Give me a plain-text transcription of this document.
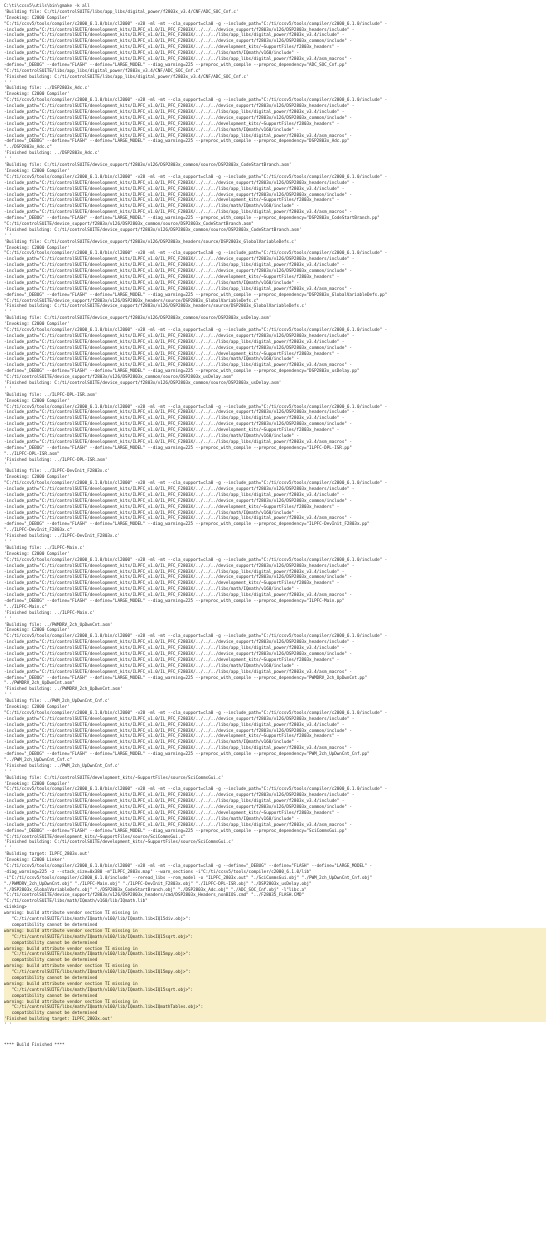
C:\ti\ccsv5\utils\bin\gmake -k all
'Building file: C:/ti/controlSUITE/libs/app_libs/digital_power/f2803x_v3.4/CNF/ADC_SOC_Cnf.c'
'Invoking: C2000 Compiler'
"C:/ti/ccsv5/tools/compiler/c2000_6.1.0/bin/cl2000" -v28 -ml -mt --cla_support=cla0 -g --include_path="C:/ti/ccsv5/tools/compiler/c2000_6.1.0/include" -
-include_path="C:/ti/controlSUITE/development_kits/ILPFC_v1.0/IL_PFC_F2803X/../../../device_support/f2803x/v126/DSP2803x_headers/include" -
-include_path="C:/ti/controlSUITE/development_kits/ILPFC_v1.0/IL_PFC_F2803X/../../../libs/app_libs/digital_power/f2803x_v3.4/include" -
-include_path="C:/ti/controlSUITE/development_kits/ILPFC_v1.0/IL_PFC_F2803X/../../../device_support/f2803x/v126/DSP2803x_common/include" -
-include_path="C:/ti/controlSUITE/development_kits/ILPFC_v1.0/IL_PFC_F2803X/../../../development_kits/~SupportFiles/f2803x_headers" -
-include_path="C:/ti/controlSUITE/development_kits/ILPFC_v1.0/IL_PFC_F2803X/../../../libs/math/IQmath/v160/include" -
-include_path="C:/ti/controlSUITE/development_kits/ILPFC_v1.0/IL_PFC_F2803X/../../../libs/app_libs/digital_power/f2803x_v3.4/asm_macros" -
-define="_DEBUG" --define="FLASH" --define="LARGE_MODEL" --diag_warning=225 --preproc_with_compile --preproc_dependency="ADC_SOC_Cnf.pp"
"C:/ti/controlSUITE/libs/app_libs/digital_power/f2803x_v3.4/CNF/ADC_SOC_Cnf.c"
'Finished building: C:/ti/controlSUITE/libs/app_libs/digital_power/f2803x_v3.4/CNF/ADC_SOC_Cnf.c'
' '
'Building file: ../DSP2803x_Adc.c'
'Invoking: C2000 Compiler'
"C:/ti/ccsv5/tools/compiler/c2000_6.1.0/bin/cl2000" -v28 -ml -mt --cla_support=cla0 -g --include_path="C:/ti/ccsv5/tools/compiler/c2000_6.1.0/include" -
-include_path="C:/ti/controlSUITE/development_kits/ILPFC_v1.0/IL_PFC_F2803X/../../../device_support/f2803x/v126/DSP2803x_headers/include" -
-include_path="C:/ti/controlSUITE/development_kits/ILPFC_v1.0/IL_PFC_F2803X/../../../libs/app_libs/digital_power/f2803x_v3.4/include" -
-include_path="C:/ti/controlSUITE/development_kits/ILPFC_v1.0/IL_PFC_F2803X/../../../device_support/f2803x/v126/DSP2803x_common/include" -
-include_path="C:/ti/controlSUITE/development_kits/ILPFC_v1.0/IL_PFC_F2803X/../../../development_kits/~SupportFiles/f2803x_headers" -
-include_path="C:/ti/controlSUITE/development_kits/ILPFC_v1.0/IL_PFC_F2803X/../../../libs/math/IQmath/v160/include" -
-include_path="C:/ti/controlSUITE/development_kits/ILPFC_v1.0/IL_PFC_F2803X/../../../libs/app_libs/digital_power/f2803x_v3.4/asm_macros" -
-define="_DEBUG" --define="FLASH" --define="LARGE_MODEL" --diag_warning=225 --preproc_with_compile --preproc_dependency="DSP2803x_Adc.pp"
"../DSP2803x_Adc.c"
'Finished building: ../DSP2803x_Adc.c'
' '
'Building file: C:/ti/controlSUITE/device_support/f2803x/v126/DSP2803x_common/source/DSP2803x_CodeStartBranch.asm'
'Invoking: C2000 Compiler'
"C:/ti/ccsv5/tools/compiler/c2000_6.1.0/bin/cl2000" -v28 -ml -mt --cla_support=cla0 -g --include_path="C:/ti/ccsv5/tools/compiler/c2000_6.1.0/include" -
-include_path="C:/ti/controlSUITE/development_kits/ILPFC_v1.0/IL_PFC_F2803X/../../../device_support/f2803x/v126/DSP2803x_headers/include" -
-include_path="C:/ti/controlSUITE/development_kits/ILPFC_v1.0/IL_PFC_F2803X/../../../libs/app_libs/digital_power/f2803x_v3.4/include" -
-include_path="C:/ti/controlSUITE/development_kits/ILPFC_v1.0/IL_PFC_F2803X/../../../device_support/f2803x/v126/DSP2803x_common/include" -
-include_path="C:/ti/controlSUITE/development_kits/ILPFC_v1.0/IL_PFC_F2803X/../../../development_kits/~SupportFiles/f2803x_headers" -
-include_path="C:/ti/controlSUITE/development_kits/ILPFC_v1.0/IL_PFC_F2803X/../../../libs/math/IQmath/v160/include" -
-include_path="C:/ti/controlSUITE/development_kits/ILPFC_v1.0/IL_PFC_F2803X/../../../libs/app_libs/digital_power/f2803x_v3.4/asm_macros" -
-define="_DEBUG" --define="FLASH" --define="LARGE_MODEL" --diag_warning=225 --preproc_with_compile --preproc_dependency="DSP2803x_CodeStartBranch.pp"
"C:/ti/controlSUITE/device_support/f2803x/v126/DSP2803x_common/source/DSP2803x_CodeStartBranch.asm"
'Finished building: C:/ti/controlSUITE/device_support/f2803x/v126/DSP2803x_common/source/DSP2803x_CodeStartBranch.asm'
' '
'Building file: C:/ti/controlSUITE/device_support/f2803x/v126/DSP2803x_headers/source/DSP2803x_GlobalVariableDefs.c'
'Invoking: C2000 Compiler'
"C:/ti/ccsv5/tools/compiler/c2000_6.1.0/bin/cl2000" -v28 -ml -mt --cla_support=cla0 -g --include_path="C:/ti/ccsv5/tools/compiler/c2000_6.1.0/include" -
-include_path="C:/ti/controlSUITE/development_kits/ILPFC_v1.0/IL_PFC_F2803X/../../../device_support/f2803x/v126/DSP2803x_headers/include" -
-include_path="C:/ti/controlSUITE/development_kits/ILPFC_v1.0/IL_PFC_F2803X/../../../libs/app_libs/digital_power/f2803x_v3.4/include" -
-include_path="C:/ti/controlSUITE/development_kits/ILPFC_v1.0/IL_PFC_F2803X/../../../device_support/f2803x/v126/DSP2803x_common/include" -
-include_path="C:/ti/controlSUITE/development_kits/ILPFC_v1.0/IL_PFC_F2803X/../../../development_kits/~SupportFiles/f2803x_headers" -
-include_path="C:/ti/controlSUITE/development_kits/ILPFC_v1.0/IL_PFC_F2803X/../../../libs/math/IQmath/v160/include" -
-include_path="C:/ti/controlSUITE/development_kits/ILPFC_v1.0/IL_PFC_F2803X/../../../libs/app_libs/digital_power/f2803x_v3.4/asm_macros" -
-define="_DEBUG" --define="FLASH" --define="LARGE_MODEL" --diag_warning=225 --preproc_with_compile --preproc_dependency="DSP2803x_GlobalVariableDefs.pp"
"C:/ti/controlSUITE/device_support/f2803x/v126/DSP2803x_headers/source/DSP2803x_GlobalVariableDefs.c"
'Finished building: C:/ti/controlSUITE/device_support/f2803x/v126/DSP2803x_headers/source/DSP2803x_GlobalVariableDefs.c'
' '
'Building file: C:/ti/controlSUITE/device_support/f2803x/v126/DSP2803x_common/source/DSP2803x_usDelay.asm'
'Invoking: C2000 Compiler'
"C:/ti/ccsv5/tools/compiler/c2000_6.1.0/bin/cl2000" -v28 -ml -mt --cla_support=cla0 -g --include_path="C:/ti/ccsv5/tools/compiler/c2000_6.1.0/include" -
-include_path="C:/ti/controlSUITE/development_kits/ILPFC_v1.0/IL_PFC_F2803X/../../../device_support/f2803x/v126/DSP2803x_headers/include" -
-include_path="C:/ti/controlSUITE/development_kits/ILPFC_v1.0/IL_PFC_F2803X/../../../libs/app_libs/digital_power/f2803x_v3.4/include" -
-include_path="C:/ti/controlSUITE/development_kits/ILPFC_v1.0/IL_PFC_F2803X/../../../device_support/f2803x/v126/DSP2803x_common/include" -
-include_path="C:/ti/controlSUITE/development_kits/ILPFC_v1.0/IL_PFC_F2803X/../../../development_kits/~SupportFiles/f2803x_headers" -
-include_path="C:/ti/controlSUITE/development_kits/ILPFC_v1.0/IL_PFC_F2803X/../../../libs/math/IQmath/v160/include" -
-include_path="C:/ti/controlSUITE/development_kits/ILPFC_v1.0/IL_PFC_F2803X/../../../libs/app_libs/digital_power/f2803x_v3.4/asm_macros" -
-define="_DEBUG" --define="FLASH" --define="LARGE_MODEL" --diag_warning=225 --preproc_with_compile --preproc_dependency="DSP2803x_usDelay.pp"
"C:/ti/controlSUITE/device_support/f2803x/v126/DSP2803x_common/source/DSP2803x_usDelay.asm"
'Finished building: C:/ti/controlSUITE/device_support/f2803x/v126/DSP2803x_common/source/DSP2803x_usDelay.asm'
' '
'Building file: ../ILPFC-DPL-ISR.asm'
'Invoking: C2000 Compiler'
"C:/ti/ccsv5/tools/compiler/c2000_6.1.0/bin/cl2000" -v28 -ml -mt --cla_support=cla0 -g --include_path="C:/ti/ccsv5/tools/compiler/c2000_6.1.0/include" -
-include_path="C:/ti/controlSUITE/development_kits/ILPFC_v1.0/IL_PFC_F2803X/../../../device_support/f2803x/v126/DSP2803x_headers/include" -
-include_path="C:/ti/controlSUITE/development_kits/ILPFC_v1.0/IL_PFC_F2803X/../../../libs/app_libs/digital_power/f2803x_v3.4/include" -
-include_path="C:/ti/controlSUITE/development_kits/ILPFC_v1.0/IL_PFC_F2803X/../../../device_support/f2803x/v126/DSP2803x_common/include" -
-include_path="C:/ti/controlSUITE/development_kits/ILPFC_v1.0/IL_PFC_F2803X/../../../development_kits/~SupportFiles/f2803x_headers" -
-include_path="C:/ti/controlSUITE/development_kits/ILPFC_v1.0/IL_PFC_F2803X/../../../libs/math/IQmath/v160/include" -
-include_path="C:/ti/controlSUITE/development_kits/ILPFC_v1.0/IL_PFC_F2803X/../../../libs/app_libs/digital_power/f2803x_v3.4/asm_macros" -
-define="_DEBUG" --define="FLASH" --define="LARGE_MODEL" --diag_warning=225 --preproc_with_compile --preproc_dependency="ILPFC-DPL-ISR.pp"
"../ILPFC-DPL-ISR.asm"
'Finished building: ../ILPFC-DPL-ISR.asm'
' '
'Building file: ../ILPFC-DevInit_F2803x.c'
'Invoking: C2000 Compiler'
"C:/ti/ccsv5/tools/compiler/c2000_6.1.0/bin/cl2000" -v28 -ml -mt --cla_support=cla0 -g --include_path="C:/ti/ccsv5/tools/compiler/c2000_6.1.0/include" -
-include_path="C:/ti/controlSUITE/development_kits/ILPFC_v1.0/IL_PFC_F2803X/../../../device_support/f2803x/v126/DSP2803x_headers/include" -
-include_path="C:/ti/controlSUITE/development_kits/ILPFC_v1.0/IL_PFC_F2803X/../../../libs/app_libs/digital_power/f2803x_v3.4/include" -
-include_path="C:/ti/controlSUITE/development_kits/ILPFC_v1.0/IL_PFC_F2803X/../../../device_support/f2803x/v126/DSP2803x_common/include" -
-include_path="C:/ti/controlSUITE/development_kits/ILPFC_v1.0/IL_PFC_F2803X/../../../development_kits/~SupportFiles/f2803x_headers" -
-include_path="C:/ti/controlSUITE/development_kits/ILPFC_v1.0/IL_PFC_F2803X/../../../libs/math/IQmath/v160/include" -
-include_path="C:/ti/controlSUITE/development_kits/ILPFC_v1.0/IL_PFC_F2803X/../../../libs/app_libs/digital_power/f2803x_v3.4/asm_macros" -
-define="_DEBUG" --define="FLASH" --define="LARGE_MODEL" --diag_warning=225 --preproc_with_compile --preproc_dependency="ILPFC-DevInit_F2803x.pp"
"../ILPFC-DevInit_F2803x.c"
'Finished building: ../ILPFC-DevInit_F2803x.c'
' '
'Building file: ../ILPFC-Main.c'
'Invoking: C2000 Compiler'
"C:/ti/ccsv5/tools/compiler/c2000_6.1.0/bin/cl2000" -v28 -ml -mt --cla_support=cla0 -g --include_path="C:/ti/ccsv5/tools/compiler/c2000_6.1.0/include" -
-include_path="C:/ti/controlSUITE/development_kits/ILPFC_v1.0/IL_PFC_F2803X/../../../device_support/f2803x/v126/DSP2803x_headers/include" -
-include_path="C:/ti/controlSUITE/development_kits/ILPFC_v1.0/IL_PFC_F2803X/../../../libs/app_libs/digital_power/f2803x_v3.4/include" -
-include_path="C:/ti/controlSUITE/development_kits/ILPFC_v1.0/IL_PFC_F2803X/../../../device_support/f2803x/v126/DSP2803x_common/include" -
-include_path="C:/ti/controlSUITE/development_kits/ILPFC_v1.0/IL_PFC_F2803X/../../../development_kits/~SupportFiles/f2803x_headers" -
-include_path="C:/ti/controlSUITE/development_kits/ILPFC_v1.0/IL_PFC_F2803X/../../../libs/math/IQmath/v160/include" -
-include_path="C:/ti/controlSUITE/development_kits/ILPFC_v1.0/IL_PFC_F2803X/../../../libs/app_libs/digital_power/f2803x_v3.4/asm_macros" -
-define="_DEBUG" --define="FLASH" --define="LARGE_MODEL" --diag_warning=225 --preproc_with_compile --preproc_dependency="ILPFC-Main.pp"
"../ILPFC-Main.c"
'Finished building: ../ILPFC-Main.c'
' '
'Building file: ../PWMDRV_2ch_UpDwnCnt.asm'
'Invoking: C2000 Compiler'
"C:/ti/ccsv5/tools/compiler/c2000_6.1.0/bin/cl2000" -v28 -ml -mt --cla_support=cla0 -g --include_path="C:/ti/ccsv5/tools/compiler/c2000_6.1.0/include" -
-include_path="C:/ti/controlSUITE/development_kits/ILPFC_v1.0/IL_PFC_F2803X/../../../device_support/f2803x/v126/DSP2803x_headers/include" -
-include_path="C:/ti/controlSUITE/development_kits/ILPFC_v1.0/IL_PFC_F2803X/../../../libs/app_libs/digital_power/f2803x_v3.4/include" -
-include_path="C:/ti/controlSUITE/development_kits/ILPFC_v1.0/IL_PFC_F2803X/../../../device_support/f2803x/v126/DSP2803x_common/include" -
-include_path="C:/ti/controlSUITE/development_kits/ILPFC_v1.0/IL_PFC_F2803X/../../../development_kits/~SupportFiles/f2803x_headers" -
-include_path="C:/ti/controlSUITE/development_kits/ILPFC_v1.0/IL_PFC_F2803X/../../../libs/math/IQmath/v160/include" -
-include_path="C:/ti/controlSUITE/development_kits/ILPFC_v1.0/IL_PFC_F2803X/../../../libs/app_libs/digital_power/f2803x_v3.4/asm_macros" -
-define="_DEBUG" --define="FLASH" --define="LARGE_MODEL" --diag_warning=225 --preproc_with_compile --preproc_dependency="PWMDRV_2ch_UpDwnCnt.pp"
"../PWMDRV_2ch_UpDwnCnt.asm"
'Finished building: ../PWMDRV_2ch_UpDwnCnt.asm'
' '
'Building file: ../PWM_2ch_UpDwnCnt_Cnf.c'
'Invoking: C2000 Compiler'
"C:/ti/ccsv5/tools/compiler/c2000_6.1.0/bin/cl2000" -v28 -ml -mt --cla_support=cla0 -g --include_path="C:/ti/ccsv5/tools/compiler/c2000_6.1.0/include" -
-include_path="C:/ti/controlSUITE/development_kits/ILPFC_v1.0/IL_PFC_F2803X/../../../device_support/f2803x/v126/DSP2803x_headers/include" -
-include_path="C:/ti/controlSUITE/development_kits/ILPFC_v1.0/IL_PFC_F2803X/../../../libs/app_libs/digital_power/f2803x_v3.4/include" -
-include_path="C:/ti/controlSUITE/development_kits/ILPFC_v1.0/IL_PFC_F2803X/../../../device_support/f2803x/v126/DSP2803x_common/include" -
-include_path="C:/ti/controlSUITE/development_kits/ILPFC_v1.0/IL_PFC_F2803X/../../../development_kits/~SupportFiles/f2803x_headers" -
-include_path="C:/ti/controlSUITE/development_kits/ILPFC_v1.0/IL_PFC_F2803X/../../../libs/math/IQmath/v160/include" -
-include_path="C:/ti/controlSUITE/development_kits/ILPFC_v1.0/IL_PFC_F2803X/../../../libs/app_libs/digital_power/f2803x_v3.4/asm_macros" -
-define="_DEBUG" --define="FLASH" --define="LARGE_MODEL" --diag_warning=225 --preproc_with_compile --preproc_dependency="PWM_2ch_UpDwnCnt_Cnf.pp"
"../PWM_2ch_UpDwnCnt_Cnf.c"
'Finished building: ../PWM_2ch_UpDwnCnt_Cnf.c'
' '
'Building file: C:/ti/controlSUITE/development_kits/~SupportFiles/source/SciCommsGui.c'
'Invoking: C2000 Compiler'
"C:/ti/ccsv5/tools/compiler/c2000_6.1.0/bin/cl2000" -v28 -ml -mt --cla_support=cla0 -g --include_path="C:/ti/ccsv5/tools/compiler/c2000_6.1.0/include" -
-include_path="C:/ti/controlSUITE/development_kits/ILPFC_v1.0/IL_PFC_F2803X/../../../device_support/f2803x/v126/DSP2803x_headers/include" -
-include_path="C:/ti/controlSUITE/development_kits/ILPFC_v1.0/IL_PFC_F2803X/../../../libs/app_libs/digital_power/f2803x_v3.4/include" -
-include_path="C:/ti/controlSUITE/development_kits/ILPFC_v1.0/IL_PFC_F2803X/../../../device_support/f2803x/v126/DSP2803x_common/include" -
-include_path="C:/ti/controlSUITE/development_kits/ILPFC_v1.0/IL_PFC_F2803X/../../../development_kits/~SupportFiles/f2803x_headers" -
-include_path="C:/ti/controlSUITE/development_kits/ILPFC_v1.0/IL_PFC_F2803X/../../../libs/math/IQmath/v160/include" -
-include_path="C:/ti/controlSUITE/development_kits/ILPFC_v1.0/IL_PFC_F2803X/../../../libs/app_libs/digital_power/f2803x_v3.4/asm_macros" -
-define="_DEBUG" --define="FLASH" --define="LARGE_MODEL" --diag_warning=225 --preproc_with_compile --preproc_dependency="SciCommsGui.pp"
"C:/ti/controlSUITE/development_kits/~SupportFiles/source/SciCommsGui.c"
'Finished building: C:/ti/controlSUITE/development_kits/~SupportFiles/source/SciCommsGui.c'
' '
'Building target: ILPFC_2803x.out'
'Invoking: C2000 Linker'
"C:/ti/ccsv5/tools/compiler/c2000_6.1.0/bin/cl2000" -v28 -ml -mt --cla_support=cla0 -g --define="_DEBUG" --define="FLASH" --define="LARGE_MODEL" -
-diag_warning=225 -z --stack_size=0x380 -m"ILPFC_2803x.map" --warn_sections -i"C:/ti/ccsv5/tools/compiler/c2000_6.1.0/lib"
-i"C:/ti/ccsv5/tools/compiler/c2000_6.1.0/include" --reread_libs --rom_model -o "ILPFC_2803x.out" "./SciCommsGui.obj" "./PWM_2ch_UpDwnCnt_Cnf.obj"
"./PWMDRV_2ch_UpDwnCnt.obj" "./ILPFC-Main.obj" "./ILPFC-DevInit_F2803x.obj" "./ILPFC-DPL-ISR.obj" "./DSP2803x_usDelay.obj"
"./DSP2803x_GlobalVariableDefs.obj" "./DSP2803x_CodeStartBranch.obj" "./DSP2803x_Adc.obj" "./ADC_SOC_Cnf.obj" -l"libc.a"
"C:/ti/controlSUITE/device_support/f2803x/v126/DSP2803x_headers/cmd/DSP2803x_Headers_nonBIOS.cmd" "../F28035_FLASH.CMD"
"C:/ti/controlSUITE/libs/math/IQmath/v160/lib/IQmath.lib"
<Linking>
warning: build attribute vendor section TI missing in
"C:/ti/controlSUITE/libs/math/IQmath/v160/lib/IQmath.lib<IQ15div.obj>":
compatibility cannot be determined
warning: build attribute vendor section TI missing in
"C:/ti/controlSUITE/libs/math/IQmath/v160/lib/IQmath.lib<IQ15sqrt.obj>":
compatibility cannot be determined
warning: build attribute vendor section TI missing in
"C:/ti/controlSUITE/libs/math/IQmath/v160/lib/IQmath.lib<IQ15mpy.obj>":
compatibility cannot be determined
warning: build attribute vendor section TI missing in
"C:/ti/controlSUITE/libs/math/IQmath/v160/lib/IQmath.lib<IQ15mpy.obj>":
compatibility cannot be determined
warning: build attribute vendor section TI missing in
"C:/ti/controlSUITE/libs/math/IQmath/v160/lib/IQmath.lib<IQ15sqrt.obj>":
compatibility cannot be determined
warning: build attribute vendor section TI missing in
"C:/ti/controlSUITE/libs/math/IQmath/v160/lib/IQmath.lib<IQmathTables.obj>":
compatibility cannot be determined
'Finished building target: ILPFC_2803x.out'
' '
**** Build Finished ****
